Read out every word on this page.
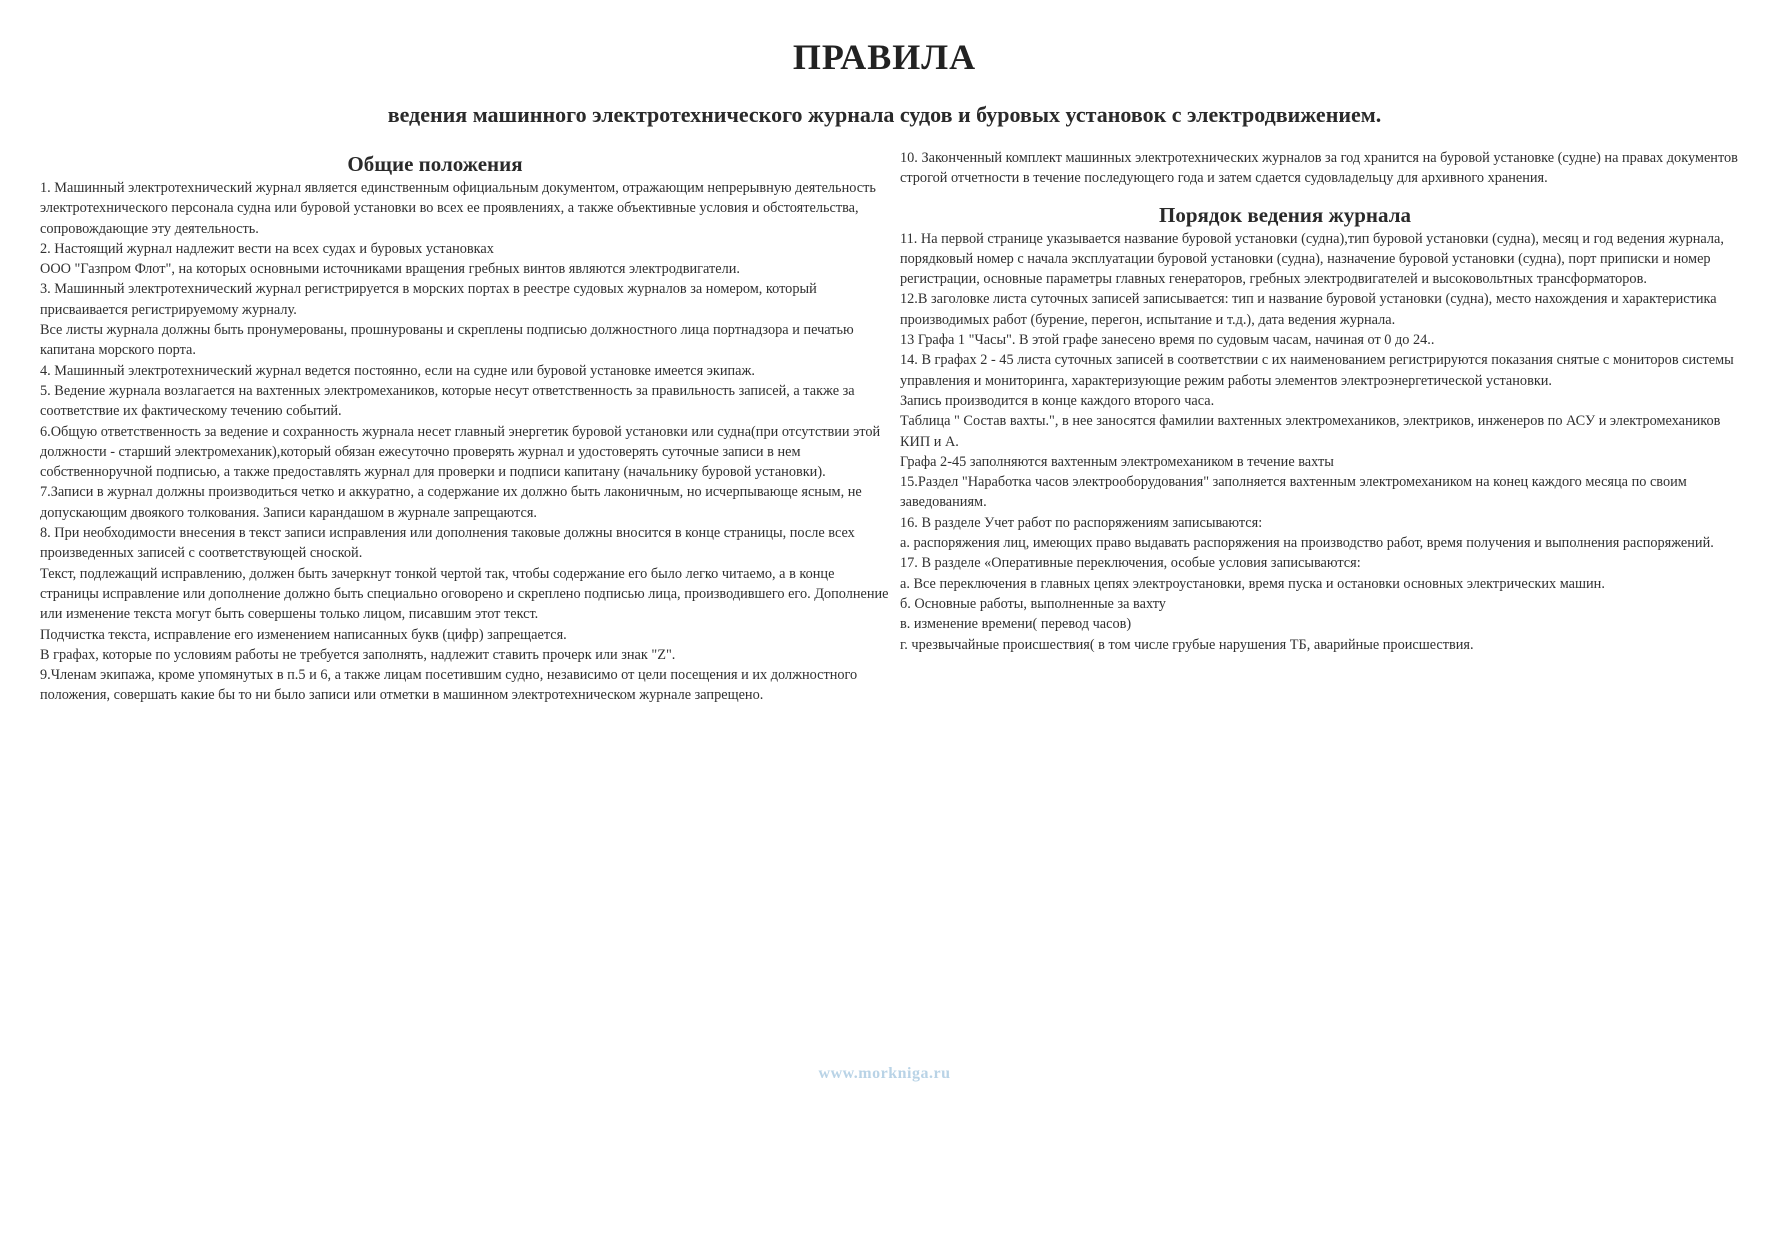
ПРАВИЛА
ведения машинного электротехнического журнала судов и буровых установок с электродвижением.
Общие положения

1. Машинный электротехнический журнал является единственным официальным документом, отражающим непрерывную деятельность электротехнического персонала судна или буровой установки во всех ее проявлениях, а также объективные условия и обстоятельства, сопровождающие эту деятельность.

2. Настоящий журнал надлежит вести на всех судах и буровых установках

ООО "Газпром Флот", на которых основными источниками вращения гребных винтов являются электродвигатели.

3. Машинный электротехнический журнал регистрируется в морских портах в реестре судовых журналов за номером, который присваивается регистрируемому журналу.

Все листы журнала должны быть пронумерованы, прошнурованы и скреплены подписью должностного лица портнадзора и печатью капитана морского порта.

4. Машинный электротехнический журнал ведется постоянно, если на судне или буровой установке имеется экипаж.

5. Ведение журнала возлагается на вахтенных электромехаников, которые несут ответственность за правильность записей, а также за соответствие их фактическому течению событий.

6.Общую ответственность за ведение и сохранность журнала несет главный энергетик буровой установки или судна(при отсутствии этой должности - старший электромеханик),который обязан ежесуточно проверять журнал и удостоверять суточные записи в нем собственноручной подписью, а также предоставлять журнал для проверки и подписи капитану (начальнику буровой установки).

7.Записи в журнал должны производиться четко и аккуратно, а содержание их должно быть лаконичным, но исчерпывающе ясным, не допускающим двоякого толкования. Записи карандашом в журнале запрещаются.

8. При необходимости внесения в текст записи исправления или дополнения таковые должны вносится в конце страницы, после всех произведенных записей с соответствующей сноской.

Текст, подлежащий исправлению, должен быть зачеркнут тонкой чертой так, чтобы содержание его было легко читаемо, а в конце страницы исправление или дополнение должно быть специально оговорено и скреплено подписью лица, производившего его. Дополнение или изменение текста могут быть совершены только лицом, писавшим этот текст.

Подчистка текста, исправление его изменением написанных букв (цифр) запрещается.

В графах, которые по условиям работы не требуется заполнять, надлежит ставить прочерк или знак "Z".

9.Членам экипажа, кроме упомянутых в п.5 и 6, а также лицам посетившим судно, независимо от цели посещения и их должностного положения, совершать какие бы то ни было записи или отметки в машинном электротехническом журнале запрещено.

10. Законченный комплект машинных электротехнических журналов за год хранится на буровой установке (судне) на правах документов строгой отчетности в течение последующего года и затем сдается судовладельцу для архивного хранения.

Порядок ведения журнала

11. На первой странице указывается название буровой установки (судна),тип буровой установки (судна), месяц и год ведения журнала, порядковый номер с начала эксплуатации буровой установки (судна), назначение буровой установки (судна), порт приписки и номер регистрации, основные параметры главных генераторов, гребных электродвигателей и высоковольтных трансформаторов.

12.В заголовке листа суточных записей записывается: тип и название буровой установки (судна), место нахождения и характеристика производимых работ (бурение, перегон, испытание и т.д.), дата ведения журнала.

13 Графа 1 "Часы". В этой графе занесено время по судовым часам, начиная от 0 до 24..

14. В графах 2 - 45 листа суточных записей в соответствии с их наименованием регистрируются показания снятые с мониторов системы управления и мониторинга, характеризующие режим работы элементов электроэнергетической установки.

Запись производится в конце каждого второго часа.

Таблица " Состав вахты.", в нее заносятся фамилии вахтенных электромехаников, электриков, инженеров по АСУ и электромехаников КИП и А.

Графа 2-45 заполняются вахтенным электромехаником в течение вахты

15.Раздел "Наработка часов электрооборудования" заполняется вахтенным электромехаником на конец каждого месяца по своим заведованиям.

16. В разделе Учет работ по распоряжениям записываются:

а. распоряжения лиц, имеющих право выдавать распоряжения на производство работ, время получения и выполнения распоряжений.

17. В разделе «Оперативные переключения, особые условия записываются:

а. Все переключения в главных цепях электроустановки, время пуска и остановки основных электрических машин.

б. Основные работы, выполненные за вахту

в. изменение времени( перевод часов)

г. чрезвычайные происшествия( в том числе грубые нарушения ТБ, аварийные происшествия.

www.morkniga.ru
